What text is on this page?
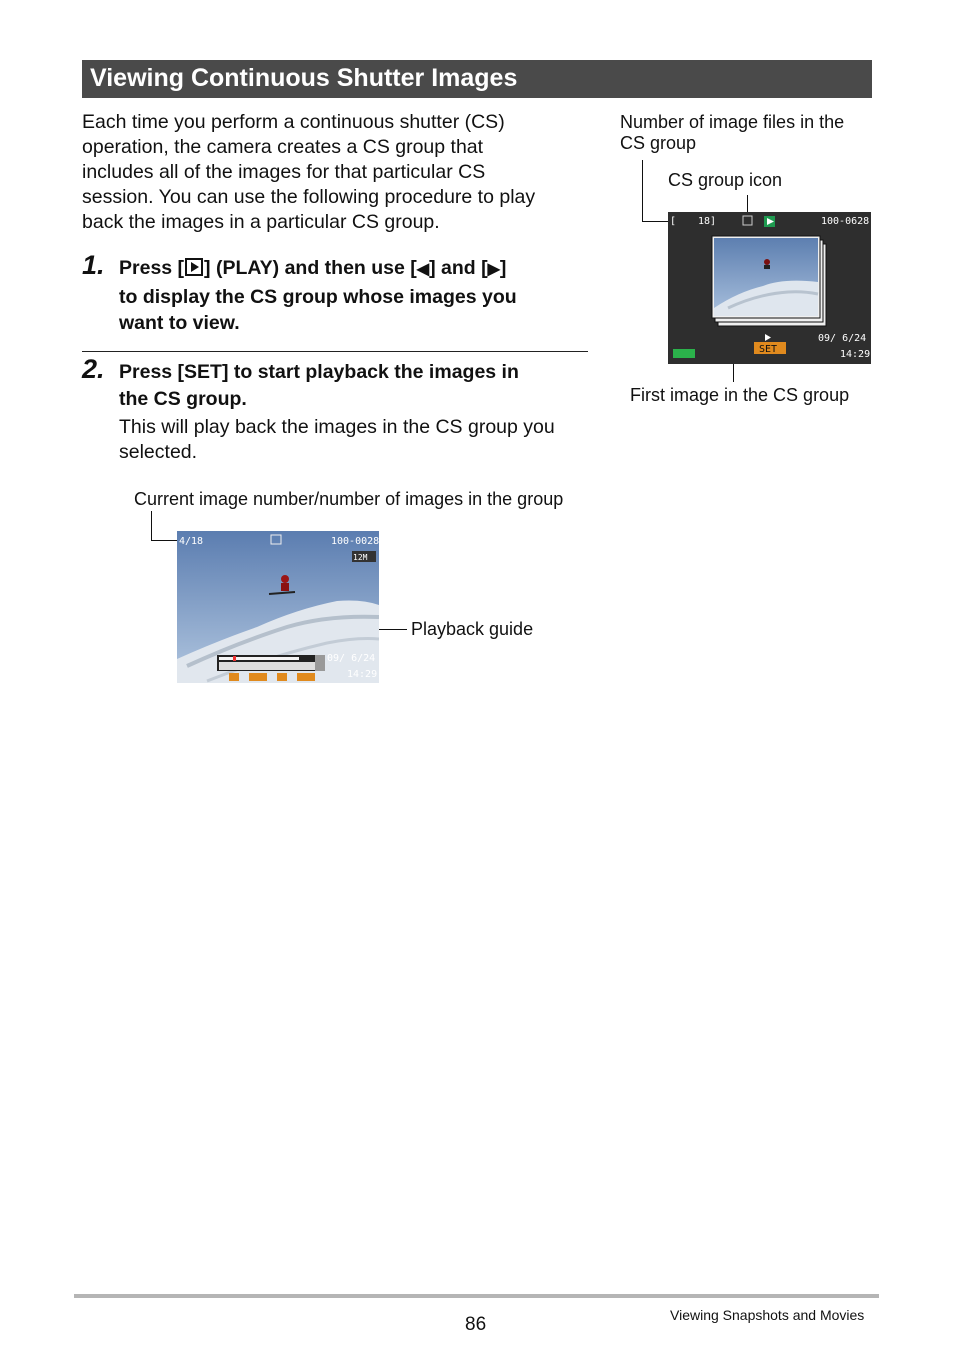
Viewing Continuous Shutter Images
Each time you perform a continuous shutter (CS)
operation, the camera creates a CS group that
includes all of the images for that particular CS
session. You can use the following procedure to play
back the images in a particular CS group.
1. Press [ ] (PLAY) and then use [◀] and [▶]
to display the CS group whose images you
want to view.
2. Press [SET] to start playback the images in
the CS group.
This will play back the images in the CS group you
selected.
Number of image files in the
CS group
CS group icon
First image in the CS group
[ 18]	100-0628
SET
09/ 6/24
14:29
Current image number/number of images in the group
Playback guide
4/18	100-0028
12M
09/ 6/24
14:29
86	Viewing Snapshots and Movies
